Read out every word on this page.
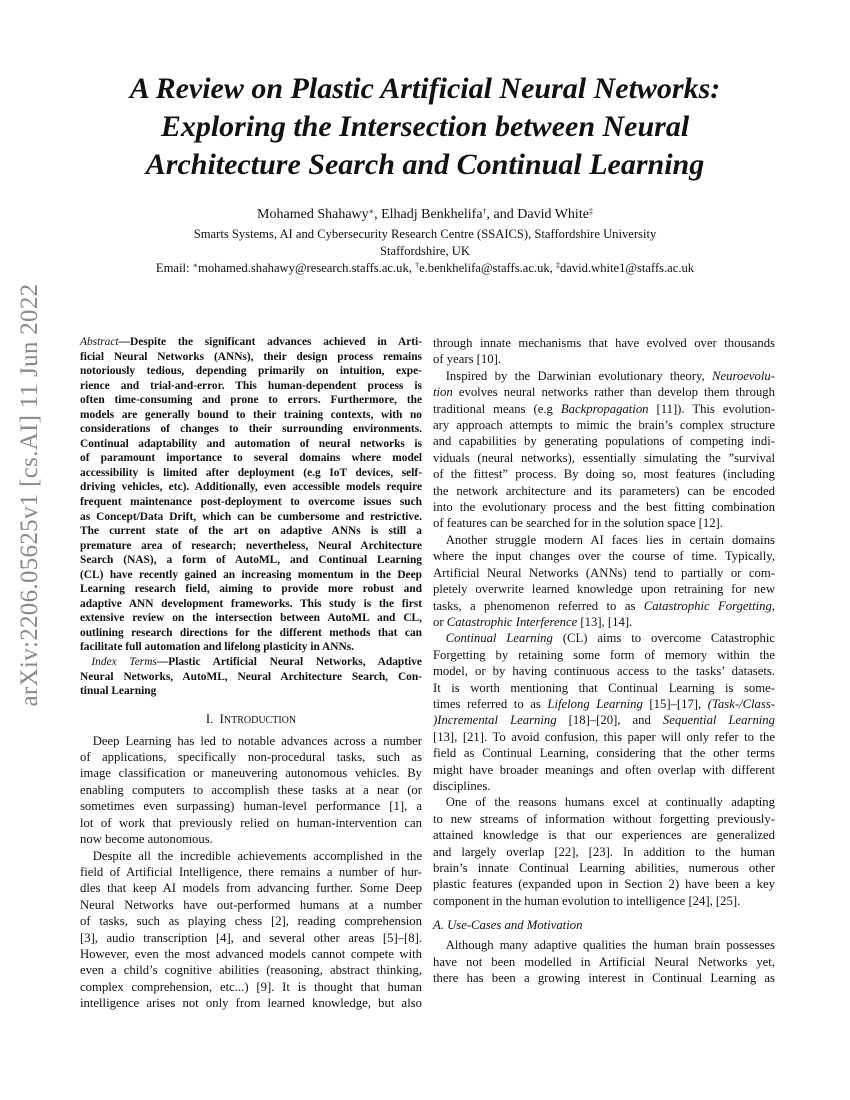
arXiv:2206.05625v1 [cs.AI] 11 Jun 2022
A Review on Plastic Artificial Neural Networks:
Exploring the Intersection between Neural
Architecture Search and Continual Learning
Mohamed Shahawy∗, Elhadj Benkhelifa†, and David White‡
Smarts Systems, AI and Cybersecurity Research Centre (SSAICS), Staffordshire University
Staffordshire, UK
Email: ∗mohamed.shahawy@research.staffs.ac.uk, †e.benkhelifa@staffs.ac.uk, ‡david.white1@staffs.ac.uk
Abstract—Despite the significant advances achieved in Arti-
ficial Neural Networks (ANNs), their design process remains
notoriously tedious, depending primarily on intuition, expe-
rience and trial-and-error. This human-dependent process is
often time-consuming and prone to errors. Furthermore, the
models are generally bound to their training contexts, with no
considerations of changes to their surrounding environments.
Continual adaptability and automation of neural networks is
of paramount importance to several domains where model
accessibility is limited after deployment (e.g IoT devices, self-
driving vehicles, etc). Additionally, even accessible models require
frequent maintenance post-deployment to overcome issues such
as Concept/Data Drift, which can be cumbersome and restrictive.
The current state of the art on adaptive ANNs is still a
premature area of research; nevertheless, Neural Architecture
Search (NAS), a form of AutoML, and Continual Learning
(CL) have recently gained an increasing momentum in the Deep
Learning research field, aiming to provide more robust and
adaptive ANN development frameworks. This study is the first
extensive review on the intersection between AutoML and CL,
outlining research directions for the different methods that can
facilitate full automation and lifelong plasticity in ANNs.
 Index Terms—Plastic Artificial Neural Networks, Adaptive
Neural Networks, AutoML, Neural Architecture Search, Con-
tinual Learning
I.  INTRODUCTION
 Deep Learning has led to notable advances across a number
of applications, specifically non-procedural tasks, such as
image classification or maneuvering autonomous vehicles. By
enabling computers to accomplish these tasks at a near (or
sometimes even surpassing) human-level performance [1], a
lot of work that previously relied on human-intervention can
now become autonomous.
 Despite all the incredible achievements accomplished in the
field of Artificial Intelligence, there remains a number of hur-
dles that keep AI models from advancing further. Some Deep
Neural Networks have out-performed humans at a number
of tasks, such as playing chess [2], reading comprehension
[3], audio transcription [4], and several other areas [5]–[8].
However, even the most advanced models cannot compete with
even a child’s cognitive abilities (reasoning, abstract thinking,
complex comprehension, etc...) [9]. It is thought that human
intelligence arises not only from learned knowledge, but also
through innate mechanisms that have evolved over thousands
of years [10].
 Inspired by the Darwinian evolutionary theory, Neuroevolu-
tion evolves neural networks rather than develop them through
traditional means (e.g Backpropagation [11]). This evolution-
ary approach attempts to mimic the brain’s complex structure
and capabilities by generating populations of competing indi-
viduals (neural networks), essentially simulating the ”survival
of the fittest” process. By doing so, most features (including
the network architecture and its parameters) can be encoded
into the evolutionary process and the best fitting combination
of features can be searched for in the solution space [12].
 Another struggle modern AI faces lies in certain domains
where the input changes over the course of time. Typically,
Artificial Neural Networks (ANNs) tend to partially or com-
pletely overwrite learned knowledge upon retraining for new
tasks, a phenomenon referred to as Catastrophic Forgetting,
or Catastrophic Interference [13], [14].
 Continual Learning (CL) aims to overcome Catastrophic
Forgetting by retaining some form of memory within the
model, or by having continuous access to the tasks’ datasets.
It is worth mentioning that Continual Learning is some-
times referred to as Lifelong Learning [15]–[17], (Task-/Class-
)Incremental Learning [18]–[20], and Sequential Learning
[13], [21]. To avoid confusion, this paper will only refer to the
field as Continual Learning, considering that the other terms
might have broader meanings and often overlap with different
disciplines.
 One of the reasons humans excel at continually adapting
to new streams of information without forgetting previously-
attained knowledge is that our experiences are generalized
and largely overlap [22], [23]. In addition to the human
brain’s innate Continual Learning abilities, numerous other
plastic features (expanded upon in Section 2) have been a key
component in the human evolution to intelligence [24], [25].
A. Use-Cases and Motivation
 Although many adaptive qualities the human brain possesses
have not been modelled in Artificial Neural Networks yet,
there has been a growing interest in Continual Learning as
